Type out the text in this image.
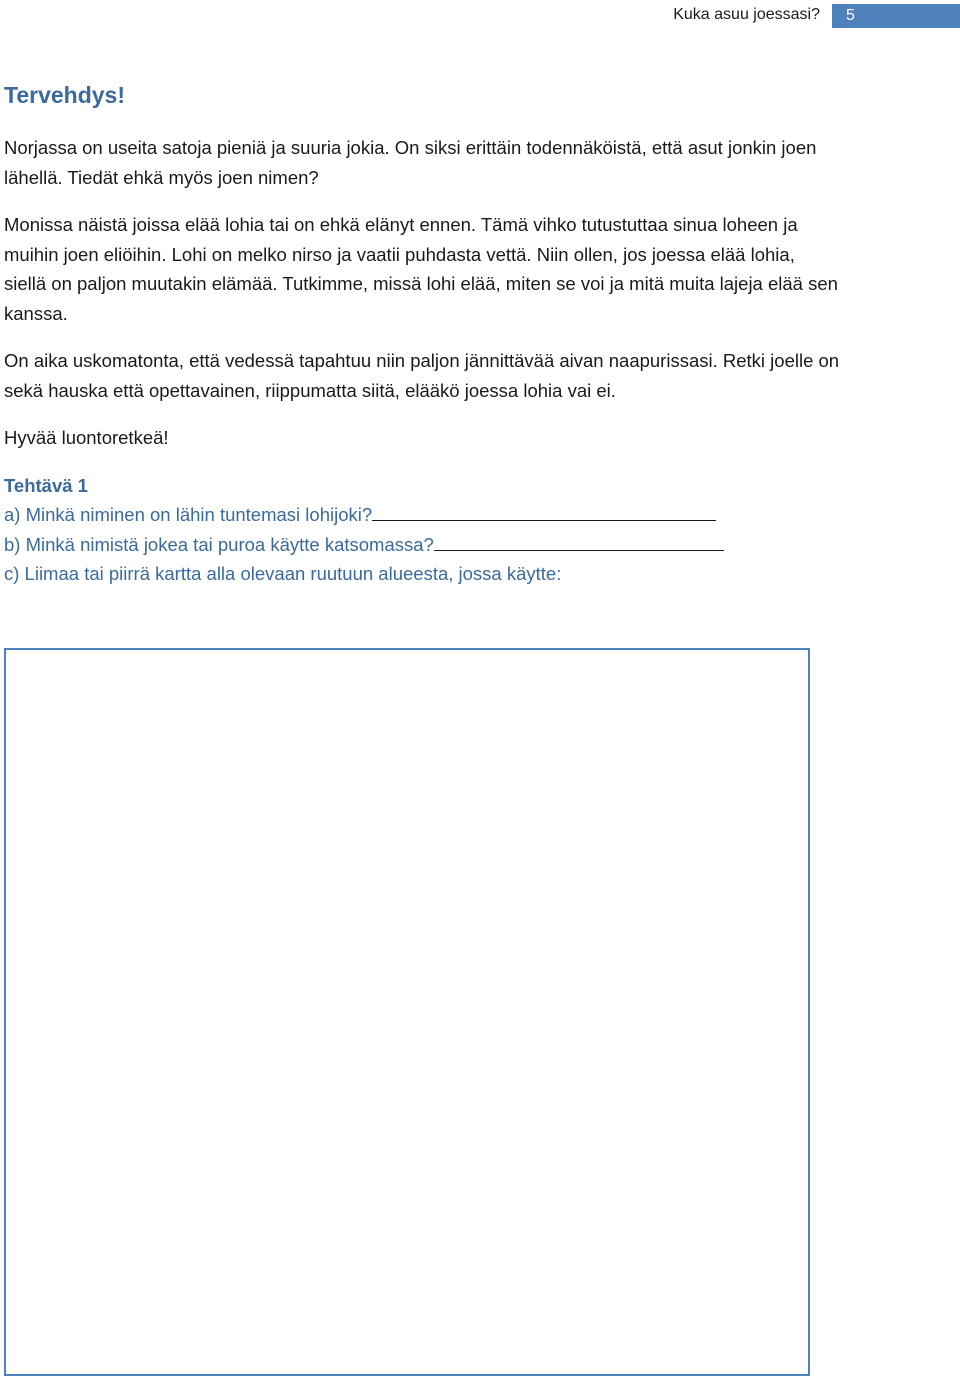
Kuka asuu joessasi?	5
Tervehdys!

Norjassa on useita satoja pieniä ja suuria jokia. On siksi erittäin todennäköistä, että asut jonkin joen lähellä. Tiedät ehkä myös joen nimen?

Monissa näistä joissa elää lohia tai on ehkä elänyt ennen. Tämä vihko tutustuttaa sinua loheen ja muihin joen eliöihin. Lohi on melko nirso ja vaatii puhdasta vettä. Niin ollen, jos joessa elää lohia, siellä on paljon muutakin elämää. Tutkimme, missä lohi elää, miten se voi ja mitä muita lajeja elää sen kanssa.

On aika uskomatonta, että vedessä tapahtuu niin paljon jännittävää aivan naapurissasi. Retki joelle on sekä hauska että opettavainen, riippumatta siitä, elääkö joessa lohia vai ei.

Hyvää luontoretkeä!

Tehtävä 1
a) Minkä niminen on lähin tuntemasi lohijoki?
b) Minkä nimistä jokea tai puroa käytte katsomassa?
c) Liimaa tai piirrä kartta alla olevaan ruutuun alueesta, jossa käytte:
